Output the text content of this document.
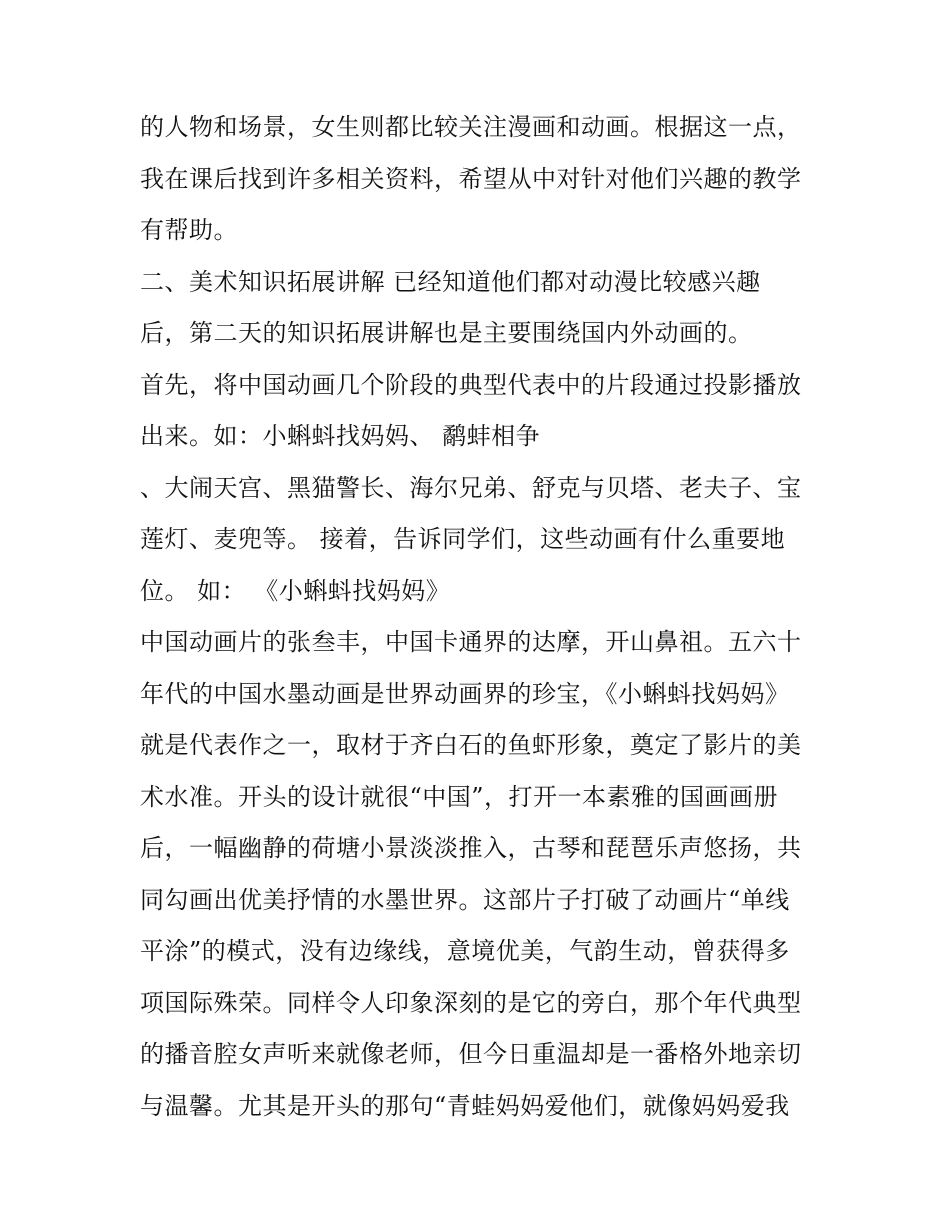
的人物和场景，女生则都比较关注漫画和动画。根据这一点，
我在课后找到许多相关资料，希望从中对针对他们兴趣的教学
有帮助。
二、美术知识拓展讲解 已经知道他们都对动漫比较感兴趣
后，第二天的知识拓展讲解也是主要围绕国内外动画的。
首先，将中国动画几个阶段的典型代表中的片段通过投影播放
出来。如：小蝌蚪找妈妈、 鹬蚌相争
、大闹天宫、黑猫警长、海尔兄弟、舒克与贝塔、老夫子、宝
莲灯、麦兜等。 接着，告诉同学们，这些动画有什么重要地
位。 如： 《小蝌蚪找妈妈》
中国动画片的张叁丰，中国卡通界的达摩，开山鼻祖。五六十
年代的中国水墨动画是世界动画界的珍宝，《小蝌蚪找妈妈》
就是代表作之一，取材于齐白石的鱼虾形象，奠定了影片的美
术水准。开头的设计就很“中国”，打开一本素雅的国画画册
后，一幅幽静的荷塘小景淡淡推入，古琴和琵琶乐声悠扬，共
同勾画出优美抒情的水墨世界。这部片子打破了动画片“单线
平涂”的模式，没有边缘线，意境优美，气韵生动，曾获得多
项国际殊荣。同样令人印象深刻的是它的旁白，那个年代典型
的播音腔女声听来就像老师，但今日重温却是一番格外地亲切
与温馨。尤其是开头的那句“青蛙妈妈爱他们，就像妈妈爱我
